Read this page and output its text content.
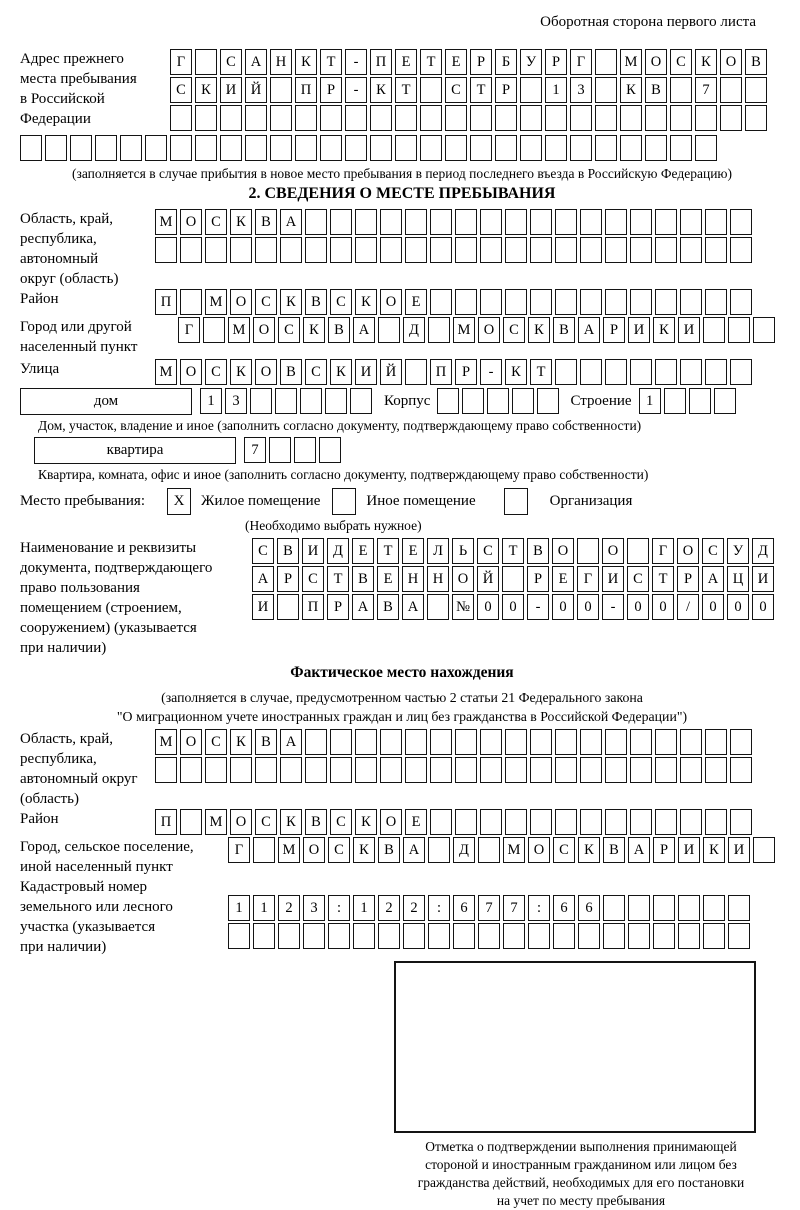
Оборотная сторона первого листа
Адрес прежнего
места пребывания
в Российской
Федерации
Г	С	А	Н	К	Т	-	П	Е	Т	Е	Р	Б	У	Р	Г	М О	С	К	О	В
С	К	И	Й	П	Р	-	К	Т	С	Т	Р	1	3	К	В	7
(заполняется в случае прибытия в новое место пребывания в период последнего въезда в Российскую Федерацию)
2. СВЕДЕНИЯ О МЕСТЕ ПРЕБЫВАНИЯ
Область, край,
республика,
автономный
округ (область)
М О	С	К	В	А
Район	П	М О	С	К	В	С	К	О	Е
Город или другой
населенный пункт
Г	М О	С	К	В	А	Д	М О	С	К	В	А	Р	И	К	И
Улица	М О	С	К	О	В	С	К	И	Й	П	Р	-	К	Т
дом	1	3	Корпус	Строение 1
Дом, участок, владение и иное (заполнить согласно документу, подтверждающему право собственности)
квартира	7
Квартира, комната, офис и иное (заполнить согласно документу, подтверждающему право собственности)
Место пребывания:	X	Жилое помещение	Иное помещение	Организация
(Необходимо выбрать нужное)
Наименование и реквизиты
документа, подтверждающего
право пользования
помещением (строением,
сооружением) (указывается
при наличии)
С	В	И	Д	Е	Т	Е	Л	Ь	С	Т	В	О	О	Г	О	С	У	Д
А	Р	С	Т	В	Е	Н	Н	О	Й	Р	Е	Г	И	С	Т	Р	А	Ц	И
И	П	Р	А	В	А	№ 0	0	-	0	0	-	0	0	/	0	0	0
Фактическое место нахождения
(заполняется в случае, предусмотренном частью 2 статьи 21 Федерального закона
"О миграционном учете иностранных граждан и лиц без гражданства в Российской Федерации")
Область, край,
республика,
автономный округ
(область)
М О	С	К	В	А
Район	П	М О	С	К	В	С	К	О	Е
Город, сельское поселение,
иной населенный пункт
Г	М О	С	К	В	А	Д	М О	С	К	В	А	Р	И	К	И
Кадастровый номер
земельного или лесного
участка (указывается
при наличии)
1	1	2	3	:	1	2	2	:	6	7	7	:	6	6
Отметка о подтверждении выполнения принимающей
стороной и иностранным гражданином или лицом без
гражданства действий, необходимых для его постановки
на учет по месту пребывания
